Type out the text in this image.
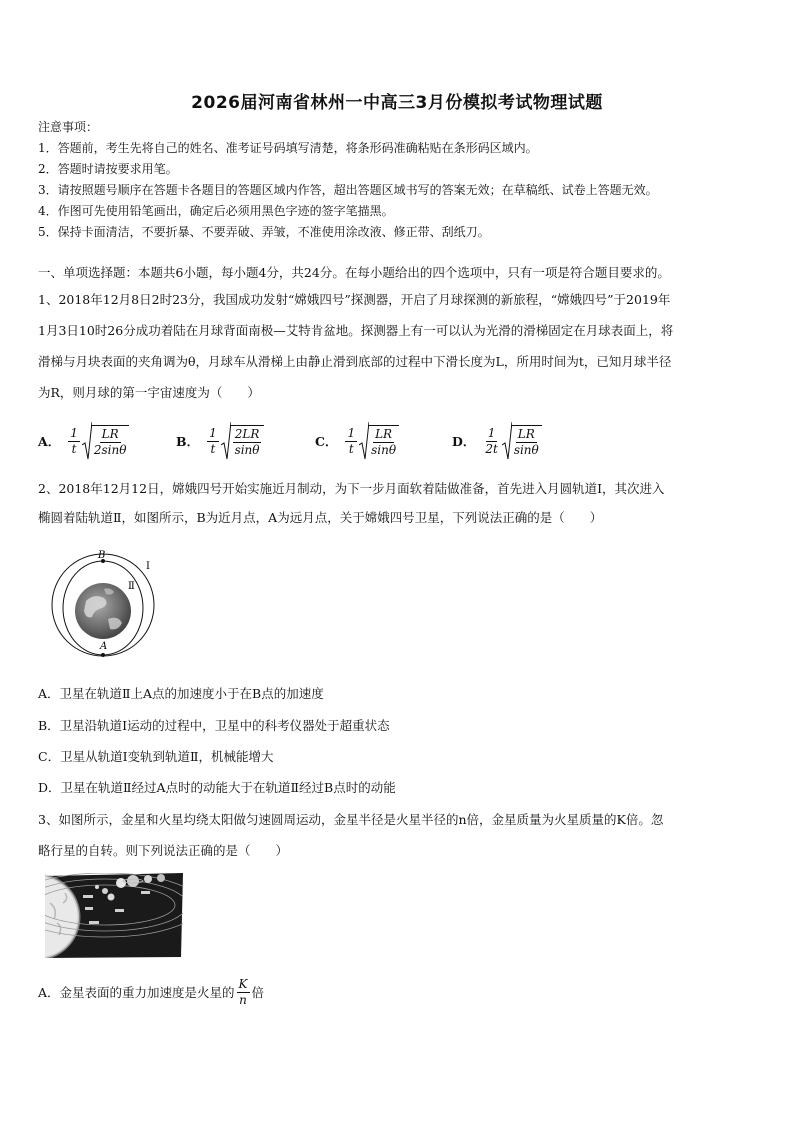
2026届河南省林州一中高三3月份模拟考试物理试题
注意事项：
1．答题前，考生先将自己的姓名、准考证号码填写清楚，将条形码准确粘贴在条形码区域内。
2．答题时请按要求用笔。
3．请按照题号顺序在答题卡各题目的答题区域内作答，超出答题区域书写的答案无效；在草稿纸、试卷上答题无效。
4．作图可先使用铅笔画出，确定后必须用黑色字迹的签字笔描黑。
5．保持卡面清洁，不要折暴、不要弄破、弄皱，不准使用涂改液、修正带、刮纸刀。
一、单项选择题：本题共6小题，每小题4分，共24分。在每小题给出的四个选项中，只有一项是符合题目要求的。
1、2018年12月8日2时23分，我国成功发射“嫦娥四号”探测器，开启了月球探测的新旅程，“嫦娥四号”于2019年
1月3日10时26分成功着陆在月球背面南极—艾特肯盆地。探测器上有一可以认为光滑的滑梯固定在月球表面上，将
滑梯与月块表面的夹角调为θ，月球车从滑梯上由静止滑到底部的过程中下滑长度为L，所用时间为t，已知月球半径
为R，则月球的第一宇宙速度为（　　）
A． $\frac{1}{t} \frac{LR}{2\sin\theta}$	B． $\frac{1}{t} \frac{2LR}{\sin\theta}$	C． $\frac{1}{t} \frac{LR}{\sin\theta}$	D． $\frac{1}{2t} \frac{LR}{\sin\theta}$
2、2018年12月12日，嫦娥四号开始实施近月制动，为下一步月面软着陆做准备，首先进入月圆轨道Ⅰ，其次进入
椭圆着陆轨道Ⅱ，如图所示，B为近月点，A为远月点，关于嫦娥四号卫星，下列说法正确的是（　　）
B
A
Ⅰ
Ⅱ
A．卫星在轨道Ⅱ上A点的加速度小于在B点的加速度
B．卫星沿轨道Ⅰ运动的过程中，卫星中的科考仪器处于超重状态
C．卫星从轨道Ⅰ变轨到轨道Ⅱ，机械能增大
D．卫星在轨道Ⅱ经过A点时的动能大于在轨道Ⅱ经过B点时的动能
3、如图所示，金星和火星均绕太阳做匀速圆周运动，金星半径是火星半径的n倍，金星质量为火星质量的K倍。忽
略行星的自转。则下列说法正确的是（　　）
A．金星表面的重力加速度是火星的 $\frac{K}{n}$ 倍
